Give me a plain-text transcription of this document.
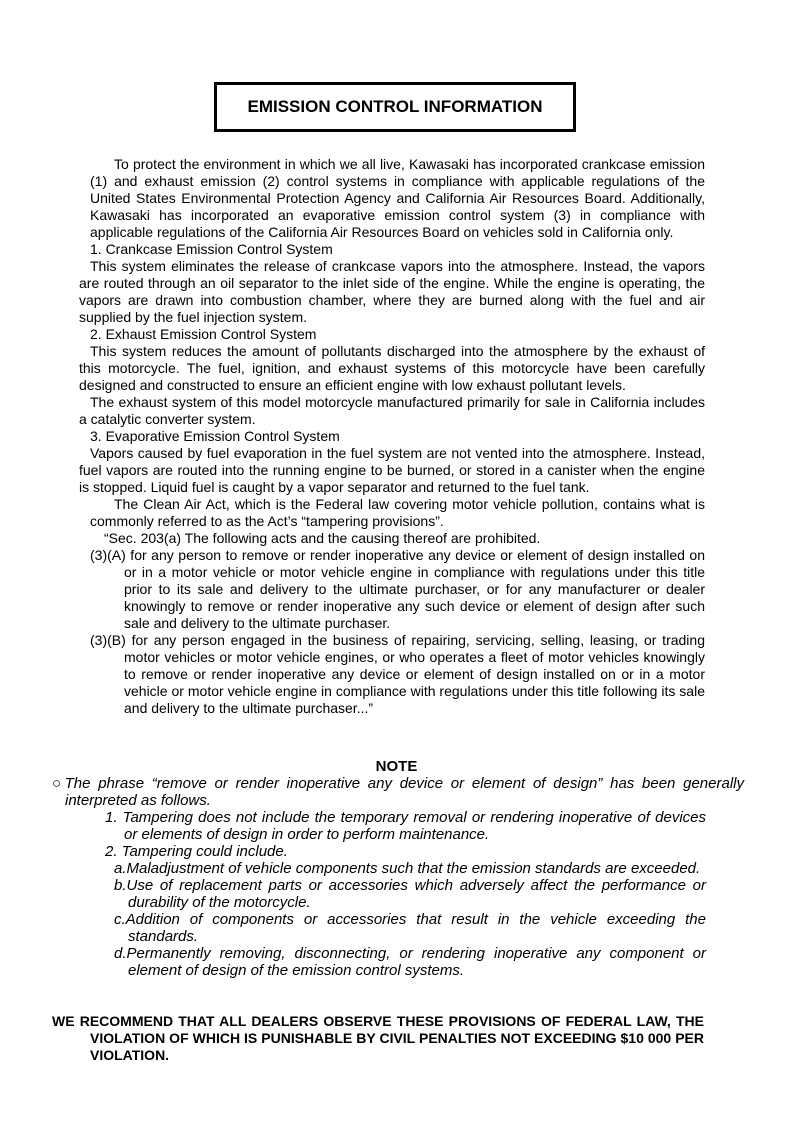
EMISSION CONTROL INFORMATION

To protect the environment in which we all live, Kawasaki has incorporated crankcase emission (1) and exhaust emission (2) control systems in compliance with applicable regulations of the United States Environmental Protection Agency and California Air Resources Board. Additionally, Kawasaki has incorporated an evaporative emission control system (3) in compliance with applicable regulations of the California Air Resources Board on vehicles sold in California only.

1. Crankcase Emission Control System

This system eliminates the release of crankcase vapors into the atmosphere. Instead, the vapors are routed through an oil separator to the inlet side of the engine. While the engine is operating, the vapors are drawn into combustion chamber, where they are burned along with the fuel and air supplied by the fuel injection system.

2. Exhaust Emission Control System

This system reduces the amount of pollutants discharged into the atmosphere by the exhaust of this motorcycle. The fuel, ignition, and exhaust systems of this motorcycle have been carefully designed and constructed to ensure an efficient engine with low exhaust pollutant levels.

The exhaust system of this model motorcycle manufactured primarily for sale in California includes a catalytic converter system.

3. Evaporative Emission Control System

Vapors caused by fuel evaporation in the fuel system are not vented into the atmosphere. Instead, fuel vapors are routed into the running engine to be burned, or stored in a canister when the engine is stopped. Liquid fuel is caught by a vapor separator and returned to the fuel tank.

The Clean Air Act, which is the Federal law covering motor vehicle pollution, contains what is commonly referred to as the Act’s “tampering provisions”.

“Sec. 203(a) The following acts and the causing thereof are prohibited.

(3)(A) for any person to remove or render inoperative any device or element of design installed on or in a motor vehicle or motor vehicle engine in compliance with regulations under this title prior to its sale and delivery to the ultimate purchaser, or for any manufacturer or dealer knowingly to remove or render inoperative any such device or element of design after such sale and delivery to the ultimate purchaser.

(3)(B) for any person engaged in the business of repairing, servicing, selling, leasing, or trading motor vehicles or motor vehicle engines, or who operates a fleet of motor vehicles knowingly to remove or render inoperative any device or element of design installed on or in a motor vehicle or motor vehicle engine in compliance with regulations under this title following its sale and delivery to the ultimate purchaser...”

NOTE

○The phrase “remove or render inoperative any device or element of design” has been generally interpreted as follows.

1. Tampering does not include the temporary removal or rendering inoperative of devices or elements of design in order to perform maintenance.

2. Tampering could include.

a.Maladjustment of vehicle components such that the emission standards are exceeded.

b.Use of replacement parts or accessories which adversely affect the performance or durability of the motorcycle.

c.Addition of components or accessories that result in the vehicle exceeding the standards.

d.Permanently removing, disconnecting, or rendering inoperative any component or element of design of the emission control systems.

WE RECOMMEND THAT ALL DEALERS OBSERVE THESE PROVISIONS OF FEDERAL LAW, THE VIOLATION OF WHICH IS PUNISHABLE BY CIVIL PENALTIES NOT EXCEEDING $10 000 PER VIOLATION.
